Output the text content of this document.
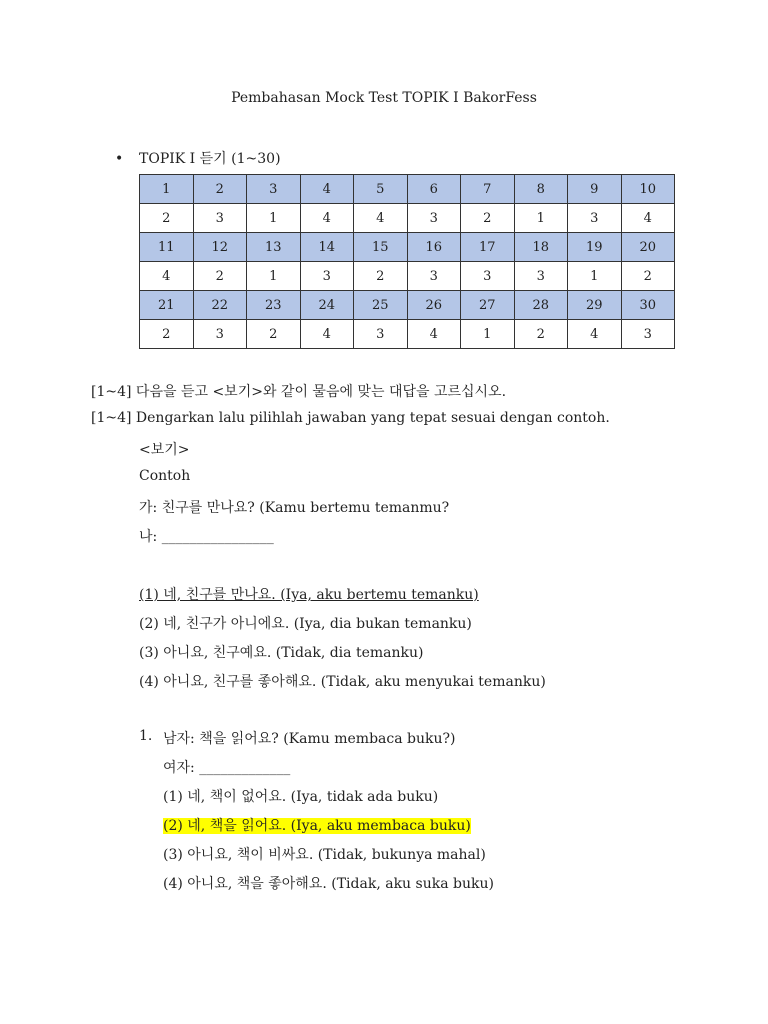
Pembahasan Mock Test TOPIK I BakorFess
• TOPIK I 듣기 (1~30)
1	2	3	4	5	6	7	8	9	10
2	3	1	4	4	3	2	1	3	4
11	12	13	14	15	16	17	18	19	20
4	2	1	3	2	3	3	3	1	2
21	22	23	24	25	26	27	28	29	30
2	3	2	4	3	4	1	2	4	3
[1~4] 다음을 듣고 <보기>와 같이 물음에 맞는 대답을 고르십시오.
[1~4] Dengarkan lalu pilihlah jawaban yang tepat sesuai dengan contoh.
<보기>
Contoh
가: 친구를 만나요? (Kamu bertemu temanmu?
나: ________________
(1) 네, 친구를 만나요. (Iya, aku bertemu temanku)
(2) 네, 친구가 아니에요. (Iya, dia bukan temanku)
(3) 아니요, 친구예요. (Tidak, dia temanku)
(4) 아니요, 친구를 좋아해요. (Tidak, aku menyukai temanku)
1. 남자: 책을 읽어요? (Kamu membaca buku?)
여자: _____________
(1) 네, 책이 없어요. (Iya, tidak ada buku)
(2) 네, 책을 읽어요. (Iya, aku membaca buku)
(3) 아니요, 책이 비싸요. (Tidak, bukunya mahal)
(4) 아니요, 책을 좋아해요. (Tidak, aku suka buku)
